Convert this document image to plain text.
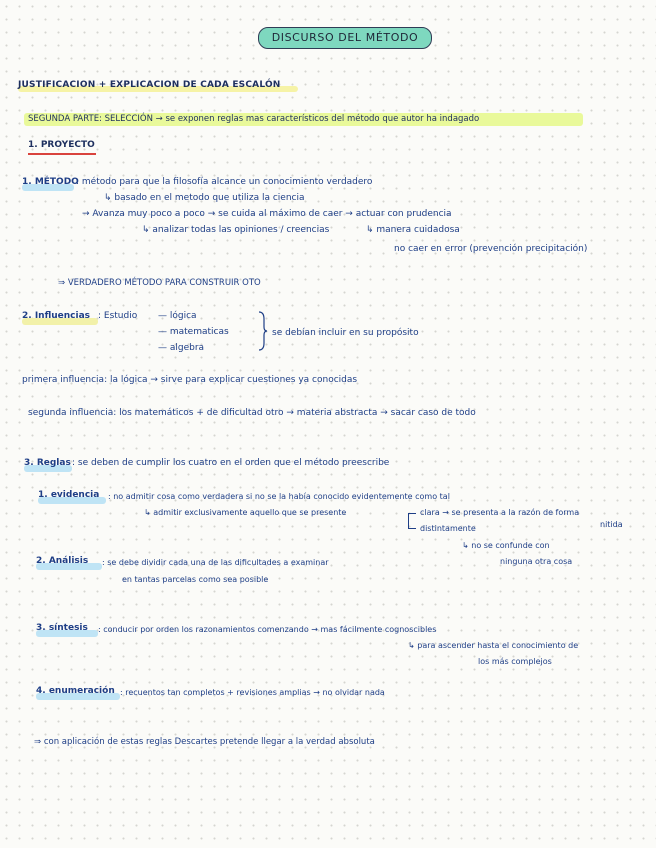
DISCURSO DEL MÉTODO
JUSTIFICACION + EXPLICACION DE CADA ESCALÓN
SEGUNDA PARTE: SELECCIÓN → se exponen reglas mas característicos del método que autor ha indagado
1. PROYECTO
1. MÉTODO
: método para que la filosofía alcance un conocimiento verdadero
↳ basado en el metodo que utiliza la ciencia
→ Avanza muy poco a poco → se cuida al máximo de caer → actuar con prudencia
↳ analizar todas las opiniones / creencias	↳ manera cuidadosa
no caer en error (prevención precipitación)
⇒ VERDADERO MÉTODO PARA CONSTRUIR OTO
2. Influencias : Estudio — lógica
— matematicas
— algebra
se debían incluir en su propósito
primera influencia: la lógica → sirve para explicar cuestiones ya conocidas
segunda influencia: los matemáticos + de dificultad otro → materia abstracta → sacar caso de todo
3. Reglas : se deben de cumplir los cuatro en el orden que el método preescribe
1. evidencia : no admitir cosa como verdadera si no se la había conocido evidentemente como tal
↳ admitir exclusivamente aquello que se presente	clara → se presenta a la razón de forma
distintamente	nitida
↳ no se confunde con
ninguna otra cosa
2. Análisis : se debe dividir cada una de las dificultades a examinar
en tantas parcelas como sea posible
3. síntesis : conducir por orden los razonamientos comenzando → mas fácilmente cognoscibles
↳ para ascender hasta el conocimiento de
los más complejos
4. enumeración : recuentos tan completos + revisiones amplias → no olvidar nada
⇒ con aplicación de estas reglas Descartes pretende llegar a la verdad absoluta
